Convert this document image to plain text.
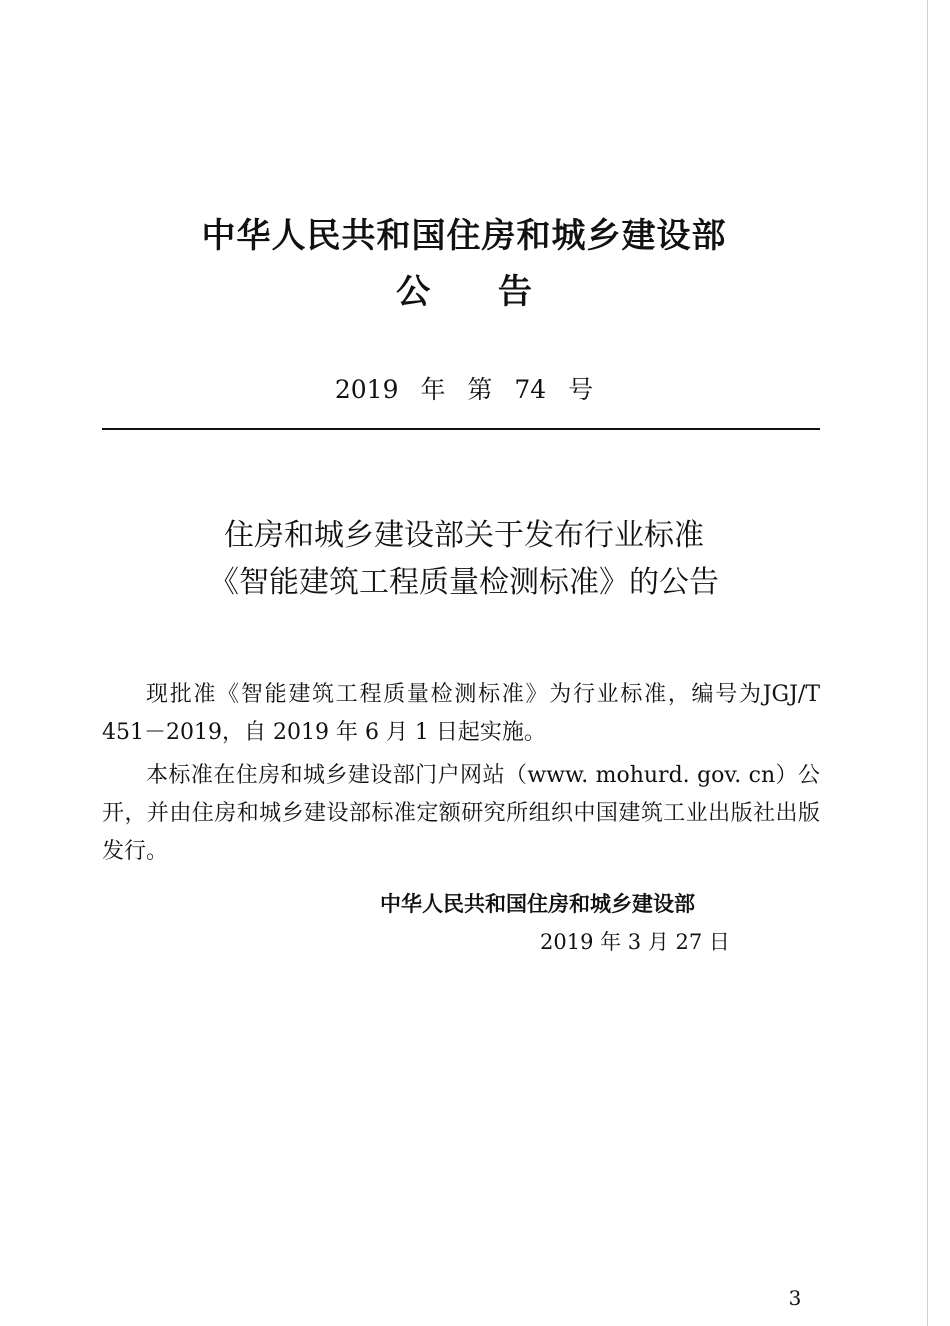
中华人民共和国住房和城乡建设部
公 告
2019 年 第 74 号
住房和城乡建设部关于发布行业标准
《智能建筑工程质量检测标准》的公告

现批准《智能建筑工程质量检测标准》为行业标准，编号为JGJ/T 451－2019，自 2019 年 6 月 1 日起实施。

本标准在住房和城乡建设部门户网站（www. mohurd. gov. cn）公开，并由住房和城乡建设部标准定额研究所组织中国建筑工业出版社出版发行。

中华人民共和国住房和城乡建设部
2019 年 3 月 27 日
3
